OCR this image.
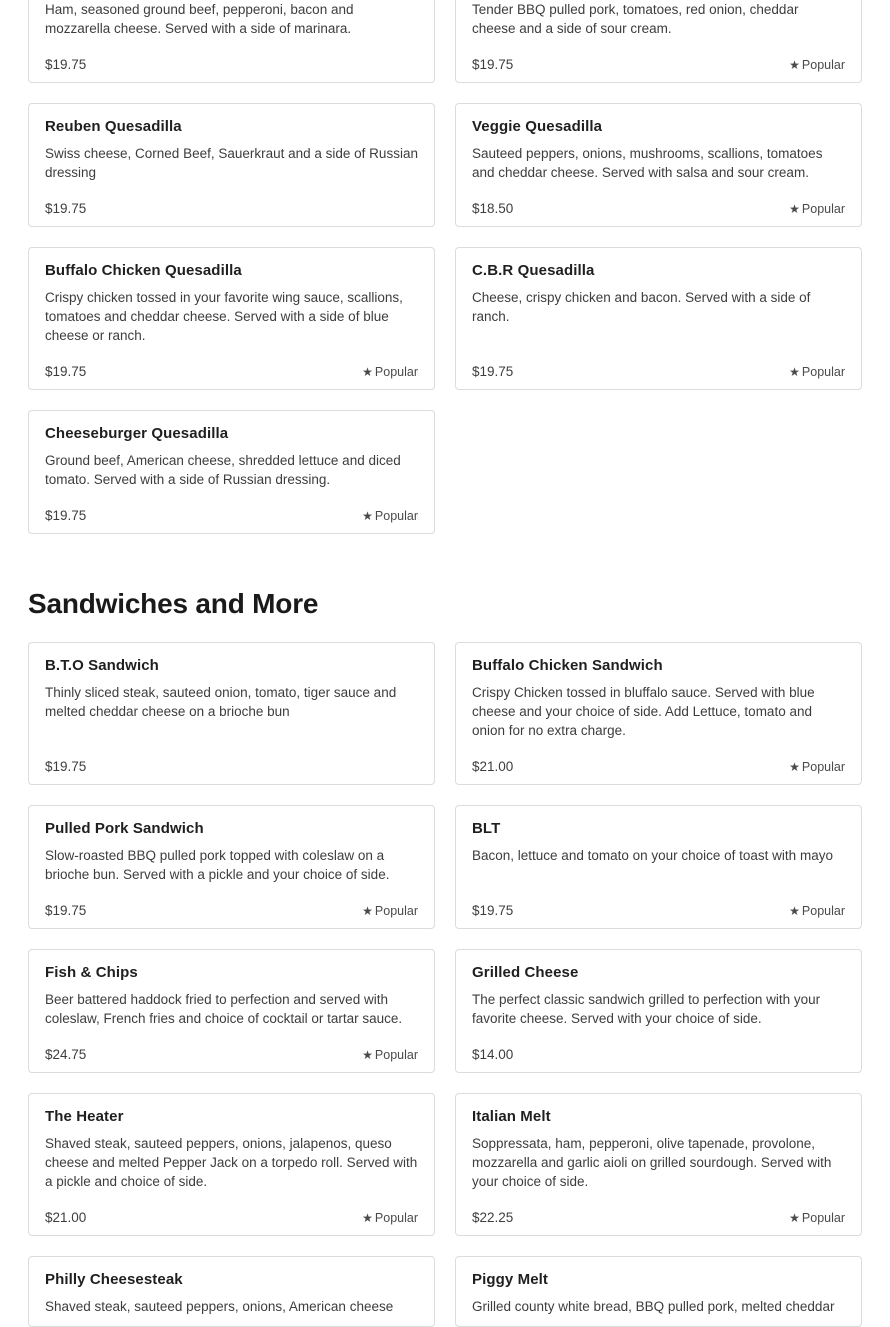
Ham, seasoned ground beef, pepperoni, bacon and mozzarella cheese. Served with a side of marinara.

$19.75

Tender BBQ pulled pork, tomatoes, red onion, cheddar cheese and a side of sour cream.

$19.75	★ Popular
Reuben Quesadilla

Swiss cheese, Corned Beef, Sauerkraut and a side of Russian dressing

$19.75
Veggie Quesadilla

Sauteed peppers, onions, mushrooms, scallions, tomatoes and cheddar cheese. Served with salsa and sour cream.

$18.50	★ Popular
Buffalo Chicken Quesadilla

Crispy chicken tossed in your favorite wing sauce, scallions, tomatoes and cheddar cheese. Served with a side of blue cheese or ranch.

$19.75	★ Popular
C.B.R Quesadilla

Cheese, crispy chicken and bacon. Served with a side of ranch.

$19.75	★ Popular
Cheeseburger Quesadilla

Ground beef, American cheese, shredded lettuce and diced tomato. Served with a side of Russian dressing.

$19.75	★ Popular
Sandwiches and More
B.T.O Sandwich

Thinly sliced steak, sauteed onion, tomato, tiger sauce and melted cheddar cheese on a brioche bun

$19.75
Buffalo Chicken Sandwich

Crispy Chicken tossed in bluffalo sauce. Served with blue cheese and your choice of side. Add Lettuce, tomato and onion for no extra charge.

$21.00	★ Popular
Pulled Pork Sandwich

Slow-roasted BBQ pulled pork topped with coleslaw on a brioche bun. Served with a pickle and your choice of side.

$19.75	★ Popular
BLT

Bacon, lettuce and tomato on your choice of toast with mayo

$19.75	★ Popular
Fish & Chips

Beer battered haddock fried to perfection and served with coleslaw, French fries and choice of cocktail or tartar sauce.

$24.75	★ Popular
Grilled Cheese

The perfect classic sandwich grilled to perfection with your favorite cheese. Served with your choice of side.

$14.00
The Heater

Shaved steak, sauteed peppers, onions, jalapenos, queso cheese and melted Pepper Jack on a torpedo roll. Served with a pickle and choice of side.

$21.00	★ Popular
Italian Melt

Soppressata, ham, pepperoni, olive tapenade, provolone, mozzarella and garlic aioli on grilled sourdough. Served with your choice of side.

$22.25	★ Popular
Philly Cheesesteak

Shaved steak, sauteed peppers, onions, American cheese

Piggy Melt

Grilled county white bread, BBQ pulled pork, melted cheddar
